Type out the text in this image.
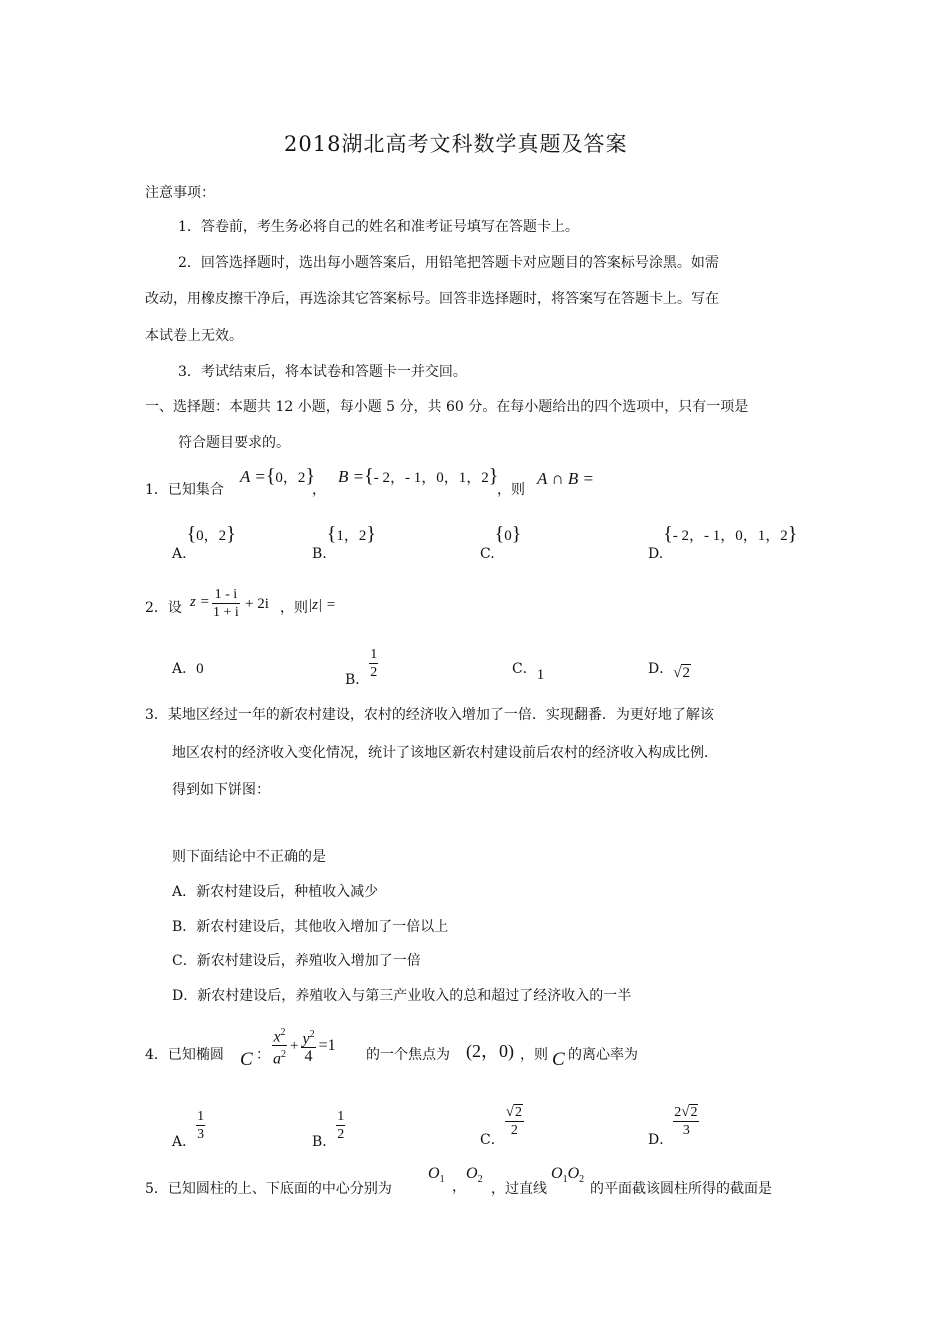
2018湖北高考文科数学真题及答案
注意事项：
1．答卷前，考生务必将自己的姓名和准考证号填写在答题卡上。
2．回答选择题时，选出每小题答案后，用铅笔把答题卡对应题目的答案标号涂黑。如需
改动，用橡皮擦干净后，再选涂其它答案标号。回答非选择题时，将答案写在答题卡上。写在
本试卷上无效。
3．考试结束后，将本试卷和答题卡一并交回。
一、选择题：本题共 12 小题，每小题 5 分，共 60 分。在每小题给出的四个选项中，只有一项是
符合题目要求的。
1．已知集合
A ={0，2}
，
B ={- 2，- 1，0，1，2}
，则
A ∩ B =
A.{0，2}
B.{1，2}
C.{0}
D.{- 2，- 1，0，1，2}
2．设 $z = \frac{1 - i}{1 + i} + 2i$ ，则 |z| =
A．0
B． $\frac{1}{2}$	C．1	D．√2
3．某地区经过一年的新农村建设，农村的经济收入增加了一倍．实现翻番．为更好地了解该
地区农村的经济收入变化情况，统计了该地区新农村建设前后农村的经济收入构成比例．
得到如下饼图：
则下面结论中不正确的是
A．新农村建设后，种植收入减少
B．新农村建设后，其他收入增加了一倍以上
C．新农村建设后，养殖收入增加了一倍
D．新农村建设后，养殖收入与第三产业收入的总和超过了经济收入的一半
4．已知椭圆 C ： $\frac{x^2}{a^2} + \frac{y^2}{4} =1$
的一个焦点为 (2，0) ，则 C 的离心率为
A． $\frac{1}{3}$	B． $\frac{1}{2}$	C．
$\frac{√2}{2}$
D．
$\frac{2√2}{3}$
5．已知圆柱的上、下底面的中心分别为
$O_1$ ，
$O_2$
，过直线
$O_1O_2$
的平面截该圆柱所得的截面是
